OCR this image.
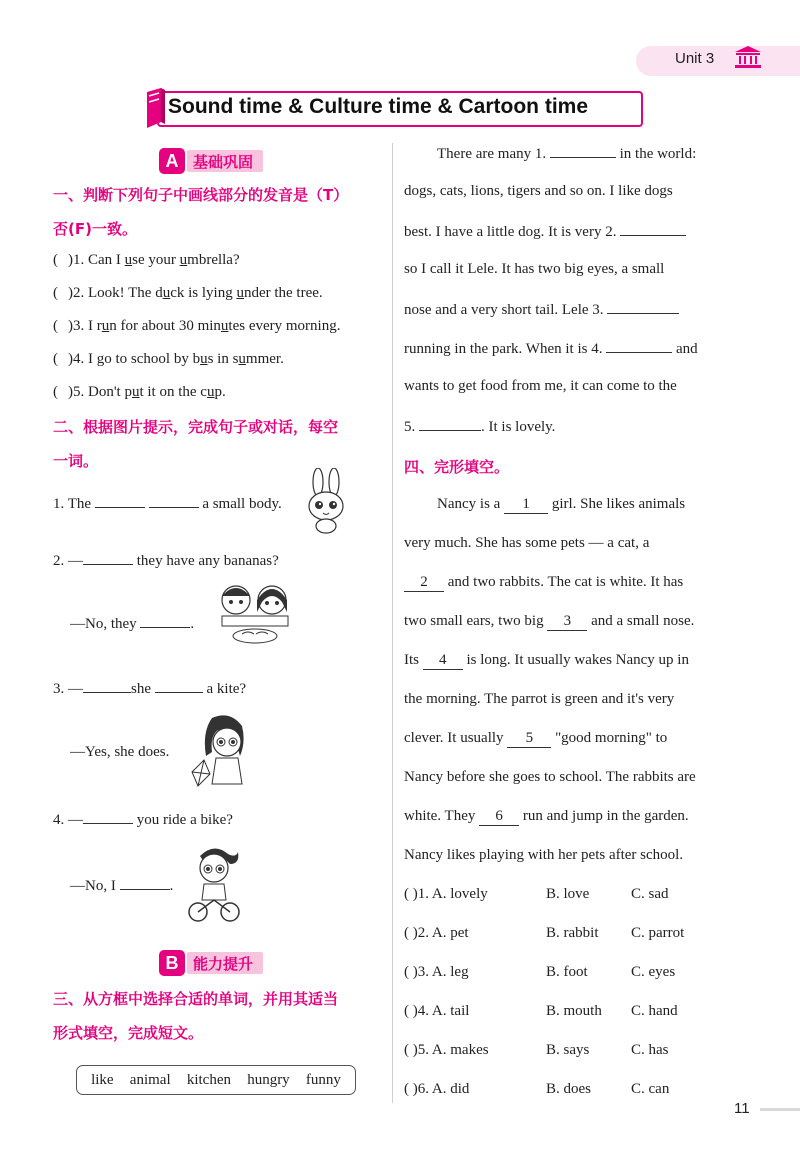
Unit 3
Sound time & Culture time & Cartoon time
A 基础巩固
一、判断下列句子中画线部分的发音是（T）
否(F)一致。
( )1. Can I use your umbrella?
( )2. Look! The duck is lying under the tree.
( )3. I run for about 30 minutes every morning.
( )4. I go to school by bus in summer.
( )5. Don't put it on the cup.
二、根据图片提示，完成句子或对话，每空
一词。
1. The	a small body.
2. —	they have any bananas?
—No, they	.
3. —	she	a kite?
—Yes, she does.
4. —	you ride a bike?
—No, I	.
B 能力提升
三、从方框中选择合适的单词，并用其适当
形式填空，完成短文。
like animal kitchen hungry funny
There are many 1.	in the world:
dogs, cats, lions, tigers and so on. I like dogs
best. I have a little dog. It is very 2.
so I call it Lele. It has two big eyes, a small
nose and a very short tail. Lele 3.
running in the park. When it is 4.	and
wants to get food from me, it can come to the
5.	. It is lovely.
四、完形填空。
Nancy is a 1 girl. She likes animals
very much. She has some pets — a cat, a
2 and two rabbits. The cat is white. It has
two small ears, two big 3 and a small nose.
Its 4 is long. It usually wakes Nancy up in
the morning. The parrot is green and it's very
clever. It usually 5 "good morning" to
Nancy before she goes to school. The rabbits are
white. They 6 run and jump in the garden.
Nancy likes playing with her pets after school.
( )1. A. lovely	B. love	C. sad
( )2. A. pet	B. rabbit C. parrot
( )3. A. leg	B. foot	C. eyes
( )4. A. tail	B. mouth C. hand
( )5. A. makes	B. says	C. has
( )6. A. did	B. does	C. can
11
